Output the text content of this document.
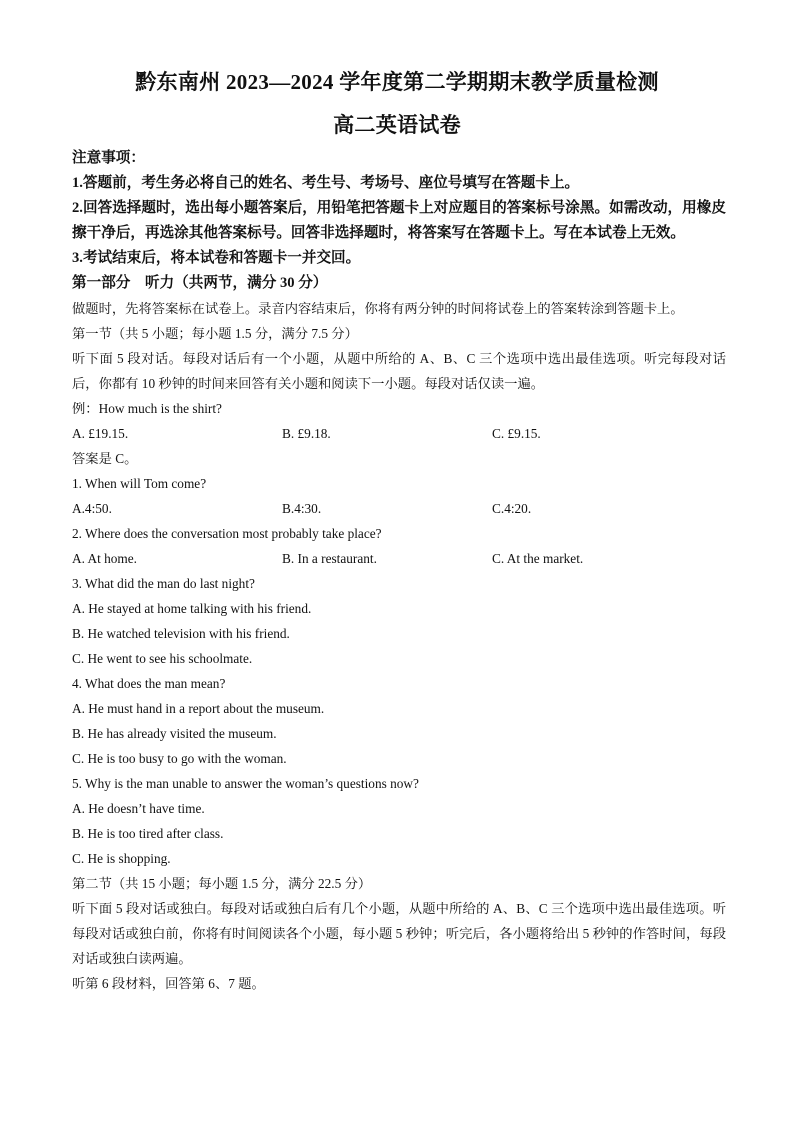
黔东南州 2023—2024 学年度第二学期期末教学质量检测
高二英语试卷
注意事项：
1.答题前，考生务必将自己的姓名、考生号、考场号、座位号填写在答题卡上。
2.回答选择题时，选出每小题答案后，用铅笔把答题卡上对应题目的答案标号涂黑。如需改动，用橡皮擦干净后，再选涂其他答案标号。回答非选择题时，将答案写在答题卡上。写在本试卷上无效。
3.考试结束后，将本试卷和答题卡一并交回。
第一部分　听力（共两节，满分 30 分）
做题时，先将答案标在试卷上。录音内容结束后，你将有两分钟的时间将试卷上的答案转涂到答题卡上。
第一节（共 5 小题；每小题 1.5 分，满分 7.5 分）
听下面 5 段对话。每段对话后有一个小题，从题中所给的 A、B、C 三个选项中选出最佳选项。听完每段对话后，你都有 10 秒钟的时间来回答有关小题和阅读下一小题。每段对话仅读一遍。
例：How much is the shirt?
A. £19.15.	B. £9.18.	C. £9.15.
答案是 C。
1. When will Tom come?
A.4:50.	B.4:30.	C.4:20.
2. Where does the conversation most probably take place?
A. At home.	B. In a restaurant.	C. At the market.
3. What did the man do last night?
A. He stayed at home talking with his friend.
B. He watched television with his friend.
C. He went to see his schoolmate.
4. What does the man mean?
A. He must hand in a report about the museum.
B. He has already visited the museum.
C. He is too busy to go with the woman.
5. Why is the man unable to answer the woman’s questions now?
A. He doesn’t have time.
B. He is too tired after class.
C. He is shopping.
第二节（共 15 小题；每小题 1.5 分，满分 22.5 分）
听下面 5 段对话或独白。每段对话或独白后有几个小题，从题中所给的 A、B、C 三个选项中选出最佳选项。听每段对话或独白前，你将有时间阅读各个小题，每小题 5 秒钟；听完后，各小题将给出 5 秒钟的作答时间，每段对话或独白读两遍。
听第 6 段材料，回答第 6、7 题。
